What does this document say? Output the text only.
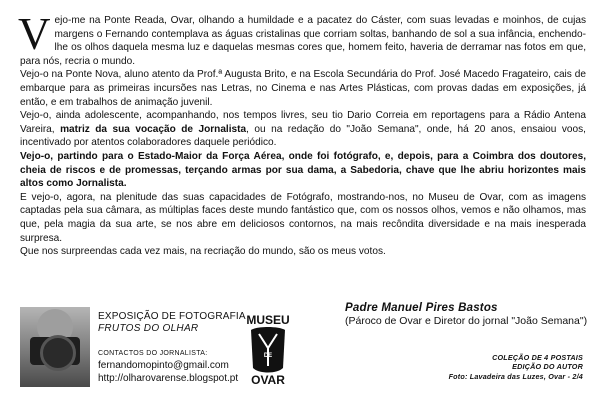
Vejo-me na Ponte Reada, Ovar, olhando a humildade e a pacatez do Cáster, com suas levadas e moinhos, de cujas margens o Fernando contemplava as águas cristalinas que corriam soltas, banhando de sol a sua infância, enchendo-lhe os olhos daquela mesma luz e daquelas mesmas cores que, homem feito, haveria de derramar nas fotos em que, para nós, recria o mundo.

Vejo-o na Ponte Nova, aluno atento da Prof.ª Augusta Brito, e na Escola Secundária do Prof. José Macedo Fragateiro, cais de embarque para as primeiras incursões nas Letras, no Cinema e nas Artes Plásticas, com provas dadas em exposições, já então, e em trabalhos de animação juvenil.

Vejo-o, ainda adolescente, acompanhando, nos tempos livres, seu tio Dario Correia em reportagens para a Rádio Antena Vareira, matriz da sua vocação de Jornalista, ou na redação do "João Semana", onde, há 20 anos, ensaiou voos, incentivado por atentos colaboradores daquele periódico.

Vejo-o, partindo para o Estado-Maior da Força Aérea, onde foi fotógrafo, e, depois, para a Coimbra dos doutores, cheia de riscos e de promessas, terçando armas por sua dama, a Sabedoria, chave que lhe abriu horizontes mais altos como Jornalista.

E vejo-o, agora, na plenitude das suas capacidades de Fotógrafo, mostrando-nos, no Museu de Ovar, com as imagens captadas pela sua câmara, as múltiplas faces deste mundo fantástico que, com os nossos olhos, vemos e não olhamos, mas que, pela magia da sua arte, se nos abre em deliciosos contornos, na mais recôndita diversidade e na mais inesperada surpresa.

Que nos surpreendas cada vez mais, na recriação do mundo, são os meus votos.

EXPOSIÇÃO DE FOTOGRAFIA
FRUTOS DO OLHAR
CONTACTOS DO JORNALISTA:
fernandomopinto@gmail.com
http://olharovarense.blogspot.pt
MUSEU
DE
OVAR
Padre Manuel Pires Bastos
(Pároco de Ovar e Diretor do jornal "João Semana")
COLEÇÃO DE 4 POSTAIS
EDIÇÃO DO AUTOR
Foto: Lavadeira das Luzes, Ovar - 2/4
